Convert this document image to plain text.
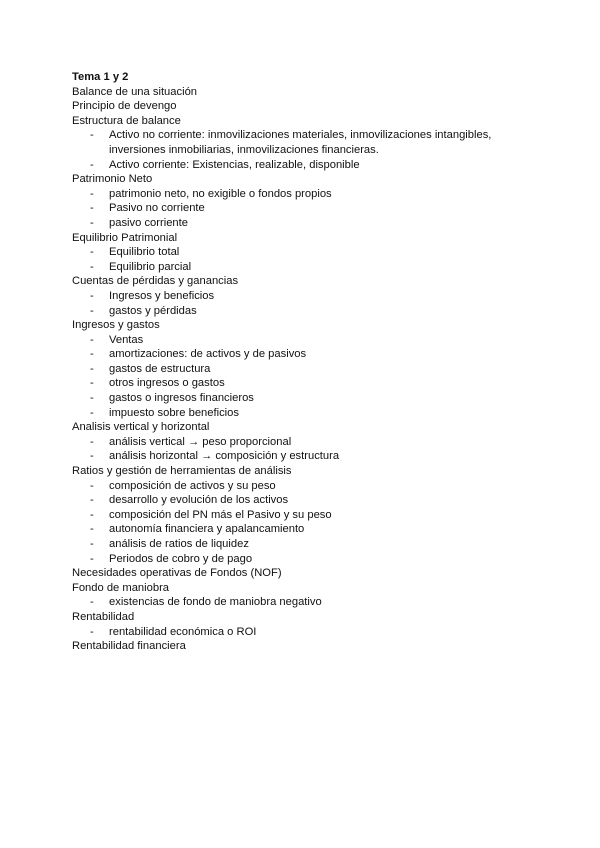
Tema 1 y 2
Balance de una situación
Principio de devengo
Estructura de balance
- Activo no corriente: inmovilizaciones materiales, inmovilizaciones intangibles, inversiones inmobiliarias, inmovilizaciones financieras.
- Activo corriente: Existencias, realizable, disponible
Patrimonio Neto
- patrimonio neto, no exigible o fondos propios
- Pasivo no corriente
- pasivo corriente
Equilibrio Patrimonial
- Equilibrio total
- Equilibrio parcial
Cuentas de pérdidas y ganancias
- Ingresos y beneficios
- gastos y pérdidas
Ingresos y gastos
- Ventas
- amortizaciones: de activos y de pasivos
- gastos de estructura
- otros ingresos o gastos
- gastos o ingresos financieros
- impuesto sobre beneficios
Analisis vertical y horizontal
- análisis vertical → peso proporcional
- análisis horizontal → composición y estructura
Ratios y gestión de herramientas de análisis
- composición de activos y su peso
- desarrollo y evolución de los activos
- composición del PN más el Pasivo y su peso
- autonomía financiera y apalancamiento
- análisis de ratios de liquidez
- Periodos de cobro y de pago
Necesidades operativas de Fondos (NOF)
Fondo de maniobra
- existencias de fondo de maniobra negativo
Rentabilidad
- rentabilidad económica o ROI
Rentabilidad financiera
